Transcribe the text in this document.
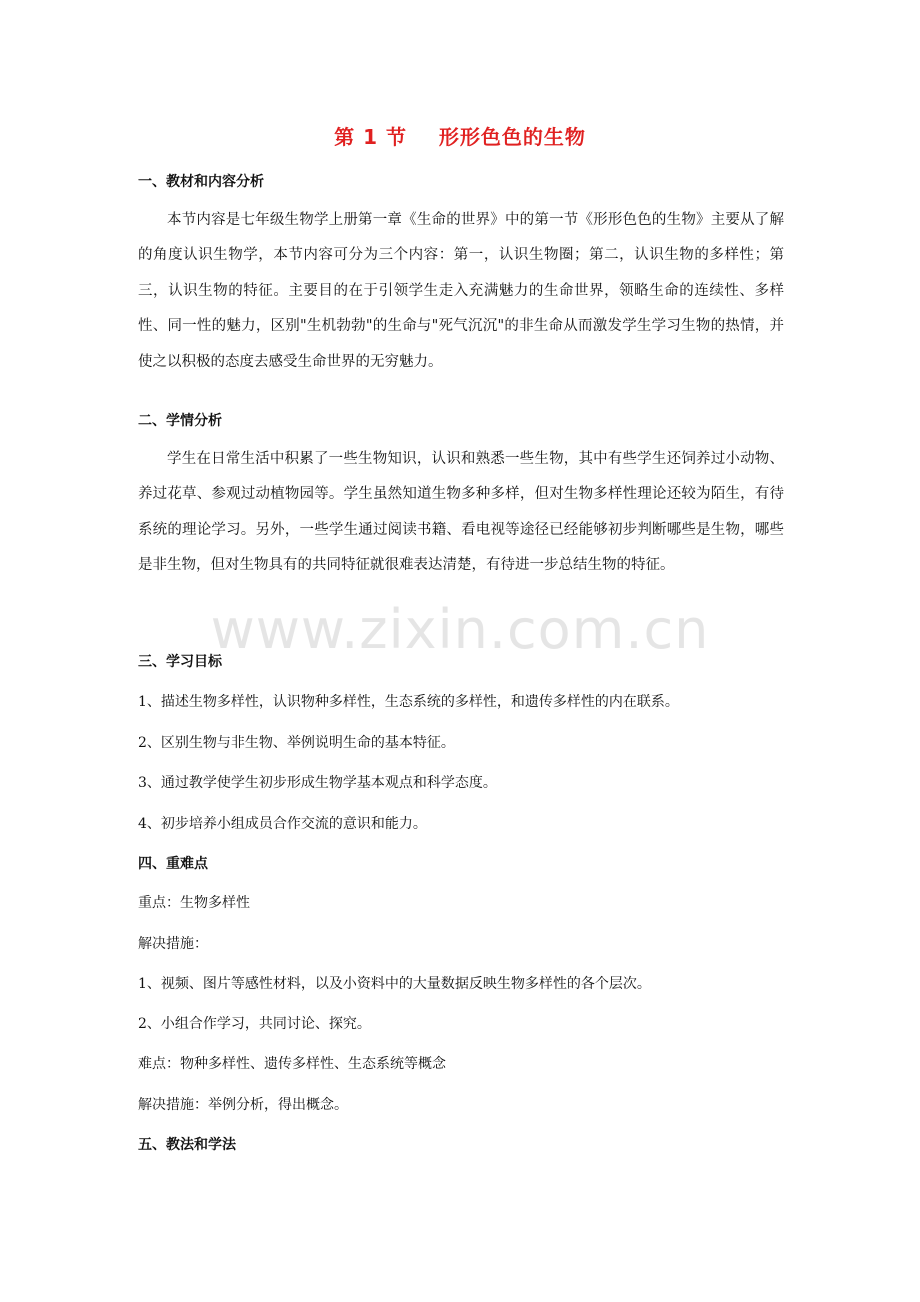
第 1 节    形形色色的生物
一、教材和内容分析
本节内容是七年级生物学上册第一章《生命的世界》中的第一节《形形色色的生物》主要从了解的角度认识生物学，本节内容可分为三个内容：第一，认识生物圈；第二，认识生物的多样性；第三，认识生物的特征。主要目的在于引领学生走入充满魅力的生命世界，领略生命的连续性、多样性、同一性的魅力，区别"生机勃勃"的生命与"死气沉沉"的非生命从而激发学生学习生物的热情，并使之以积极的态度去感受生命世界的无穷魅力。
二、学情分析
学生在日常生活中积累了一些生物知识，认识和熟悉一些生物，其中有些学生还饲养过小动物、养过花草、参观过动植物园等。学生虽然知道生物多种多样，但对生物多样性理论还较为陌生，有待系统的理论学习。另外，一些学生通过阅读书籍、看电视等途径已经能够初步判断哪些是生物，哪些是非生物，但对生物具有的共同特征就很难表达清楚，有待进一步总结生物的特征。
三、学习目标
1、描述生物多样性，认识物种多样性，生态系统的多样性，和遗传多样性的内在联系。
2、区别生物与非生物、举例说明生命的基本特征。
3、通过教学使学生初步形成生物学基本观点和科学态度。
4、初步培养小组成员合作交流的意识和能力。
四、重难点
重点：生物多样性
解决措施：
1、视频、图片等感性材料，以及小资料中的大量数据反映生物多样性的各个层次。
2、小组合作学习，共同讨论、探究。
难点：物种多样性、遗传多样性、生态系统等概念
解决措施：举例分析，得出概念。
五、教法和学法
www.zixin.com.cn
